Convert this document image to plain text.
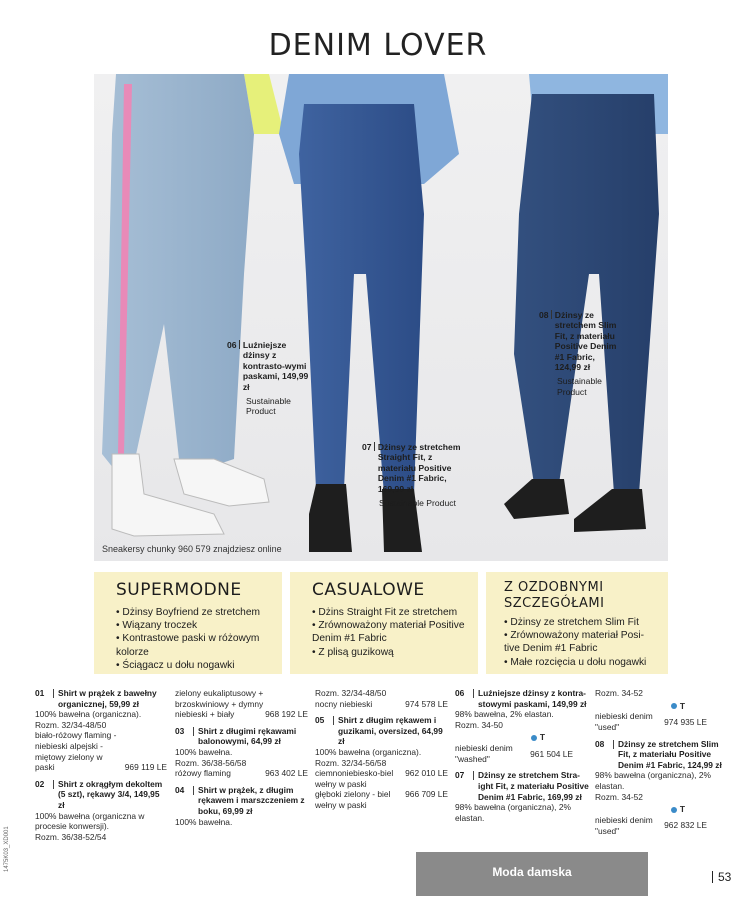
DENIM LOVER
06 Luźniejsze dżinsy z kontrasto-wymi paskami, 149,99 zł
Sustainable Product
07 Dżinsy ze stretchem Straight Fit, z materiału Positive Denim #1 Fabric, 169,99 zł
Sustainable Product
08 Dżinsy ze stretchem Slim Fit, z materiału Positive Denim #1 Fabric, 124,99 zł
Sustainable Product
Sneakersy chunky 960 579 znajdziesz online
SUPERMODNE
• Dżinsy Boyfriend ze stretchem
• Wiązany troczek
• Kontrastowe paski w różowym kolorze
• Ściągacz u dołu nogawki
CASUALOWE
• Dżins Straight Fit ze stretchem
• Zrównoważony materiał Positive Denim #1 Fabric
• Z plisą guzikową
Z OZDOBNYMI SZCZEGÓŁAMI
• Dżinsy ze stretchem Slim Fit
• Zrównoważony materiał Posi-tive Denim #1 Fabric
• Małe rozcięcia u dołu nogawki
01	Shirt w prążek z bawełny organicznej, 59,99 zł
100% bawełna (organiczna).
Rozm. 32/34-48/50
biało-różowy flaming - niebieski alpejski - miętowy zielony w paski	969 119 LE
02	Shirt z okrągłym dekoltem (5 szt), rękawy 3/4, 149,95 zł
100% bawełna (organiczna w procesie konwersji).
Rozm. 36/38-52/54
zielony eukaliptusowy + brzoskwiniowy + dymny niebieski + biały	968 192 LE
03	Shirt z długimi rękawami balonowymi, 64,99 zł
100% bawełna.
Rozm. 36/38-56/58
różowy flaming	963 402 LE
04	Shirt w prążek, z długim rękawem i marszczeniem z boku, 69,99 zł
100% bawełna.
Rozm. 32/34-48/50
nocny niebieski	974 578 LE
05	Shirt z długim rękawem i guzikami, oversized, 64,99 zł
100% bawełna (organiczna).
Rozm. 32/34-56/58
ciemnoniebiesko-biel wełny w paski
962 010 LE
głęboki zielony - biel wełny w paski
966 709 LE
06	Luźniejsze dżinsy z kontra-stowymi paskami, 149,99 zł
98% bawełna, 2% elastan.
Rozm. 34-50
T
niebieski denim "washed"
961 504 LE
07	Dżinsy ze stretchem Stra-ight Fit, z materiału Positive Denim #1 Fabric, 169,99 zł
98% bawełna (organiczna), 2% elastan.
Rozm. 34-52
T
niebieski denim "used"
974 935 LE
08	Dżinsy ze stretchem Slim Fit, z materiału Positive Denim #1 Fabric, 124,99 zł
98% bawełna (organiczna), 2% elastan.
Rozm. 34-52
T
niebieski denim "used"
962 832 LE
1475K03_XD001	Moda damska	53
